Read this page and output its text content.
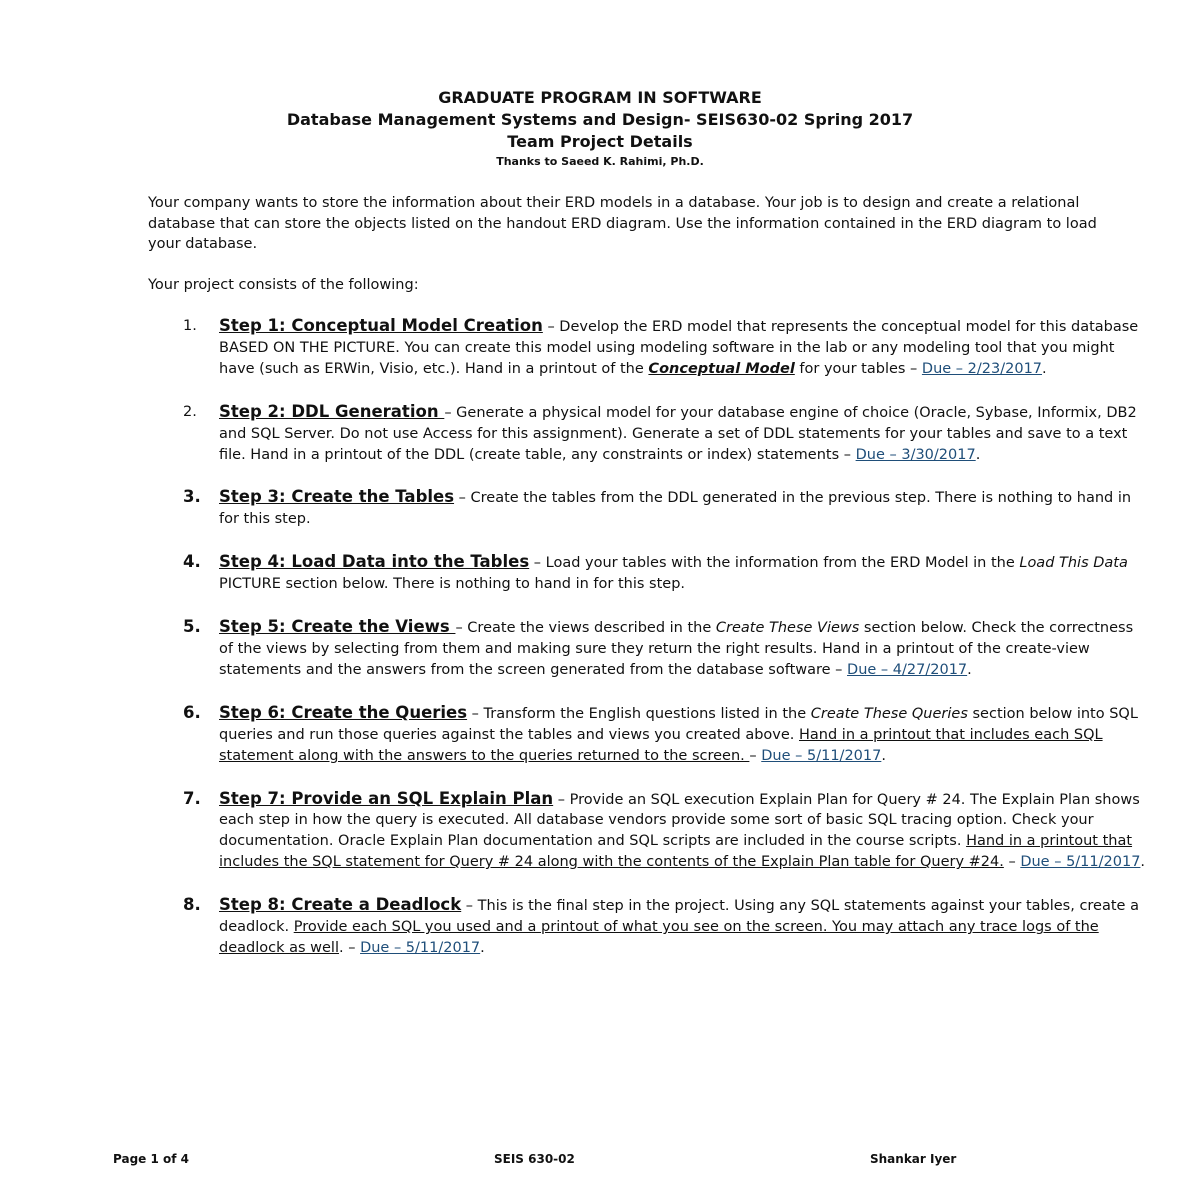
GRADUATE PROGRAM IN SOFTWARE
Database Management Systems and Design- SEIS630-02 Spring 2017
Team Project Details
Thanks to Saeed K. Rahimi, Ph.D.

Your company wants to store the information about their ERD models in a database. Your job is to design and create a relational database that can store the objects listed on the handout ERD diagram. Use the information contained in the ERD diagram to load your database.

Your project consists of the following:

1. Step 1: Conceptual Model Creation – Develop the ERD model that represents the conceptual model for this database BASED ON THE PICTURE. You can create this model using modeling software in the lab or any modeling tool that you might have (such as ERWin, Visio, etc.). Hand in a printout of the Conceptual Model for your tables – Due – 2/23/2017.
2. Step 2: DDL Generation – Generate a physical model for your database engine of choice (Oracle, Sybase, Informix, DB2 and SQL Server. Do not use Access for this assignment). Generate a set of DDL statements for your tables and save to a text file. Hand in a printout of the DDL (create table, any constraints or index) statements – Due – 3/30/2017.
3. Step 3: Create the Tables – Create the tables from the DDL generated in the previous step. There is nothing to hand in for this step.
4. Step 4: Load Data into the Tables – Load your tables with the information from the ERD Model in the Load This Data PICTURE section below. There is nothing to hand in for this step.
5. Step 5: Create the Views – Create the views described in the Create These Views section below. Check the correctness of the views by selecting from them and making sure they return the right results. Hand in a printout of the create-view statements and the answers from the screen generated from the database software – Due – 4/27/2017.
6. Step 6: Create the Queries – Transform the English questions listed in the Create These Queries section below into SQL queries and run those queries against the tables and views you created above. Hand in a printout that includes each SQL statement along with the answers to the queries returned to the screen. – Due – 5/11/2017.
7. Step 7: Provide an SQL Explain Plan – Provide an SQL execution Explain Plan for Query # 24. The Explain Plan shows each step in how the query is executed. All database vendors provide some sort of basic SQL tracing option. Check your documentation. Oracle Explain Plan documentation and SQL scripts are included in the course scripts. Hand in a printout that includes the SQL statement for Query # 24 along with the contents of the Explain Plan table for Query #24. – Due – 5/11/2017.
8. Step 8: Create a Deadlock – This is the final step in the project. Using any SQL statements against your tables, create a deadlock. Provide each SQL you used and a printout of what you see on the screen. You may attach any trace logs of the deadlock as well. – Due – 5/11/2017.
Page 1 of 4	SEIS 630-02	Shankar Iyer
